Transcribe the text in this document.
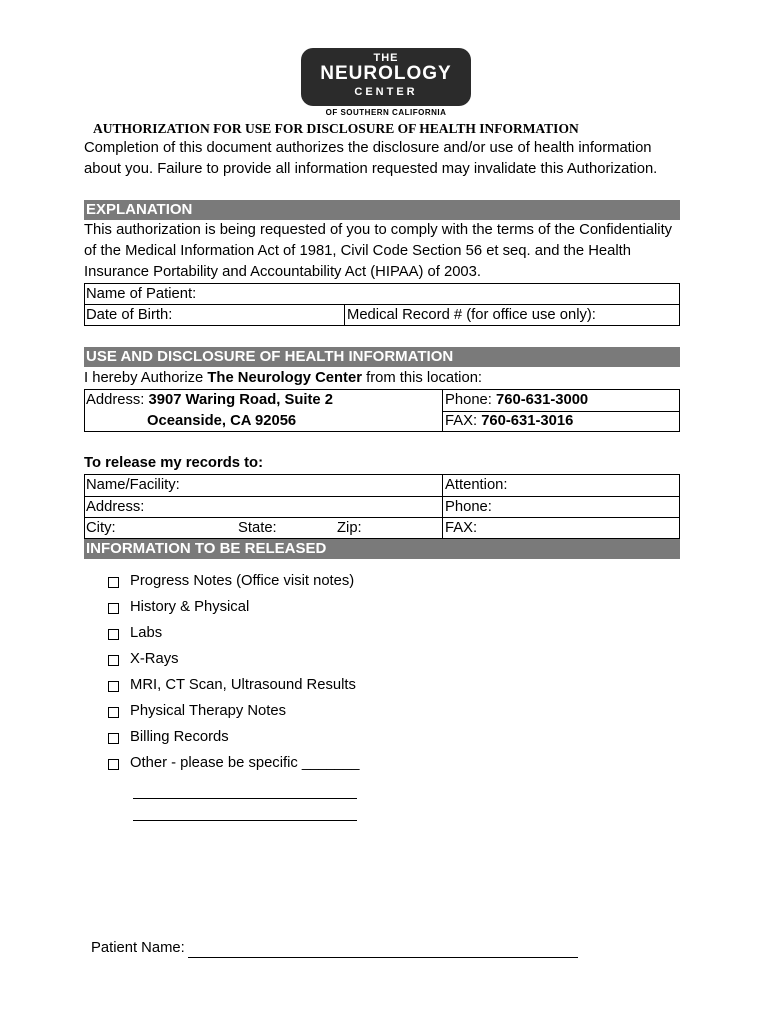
THE
NEUROLOGY
CENTER
OF SOUTHERN CALIFORNIA
AUTHORIZATION FOR USE FOR DISCLOSURE OF HEALTH INFORMATION
Completion of this document authorizes the disclosure and/or use of health information about you. Failure to provide all information requested may invalidate this Authorization.
EXPLANATION
This authorization is being requested of you to comply with the terms of the Confidentiality of the Medical Information Act of 1981, Civil Code Section 56 et seq. and the Health Insurance Portability and Accountability Act (HIPAA) of 2003.
Name of Patient:
Date of Birth:	Medical Record # (for office use only):
USE AND DISCLOSURE OF HEALTH INFORMATION
I hereby Authorize The Neurology Center from this location:
Address: 3907 Waring Road, Suite 2	Phone: 760-631-3000
Oceanside, CA 92056	FAX: 760-631-3016
To release my records to:
Name/Facility:	Attention:
Address:	Phone:
City:	State:	Zip:	FAX:
INFORMATION TO BE RELEASED
Progress Notes (Office visit notes)
History & Physical
Labs
X-Rays
MRI, CT Scan, Ultrasound Results
Physical Therapy Notes
Billing Records
Other - please be specific _______
Patient Name:
